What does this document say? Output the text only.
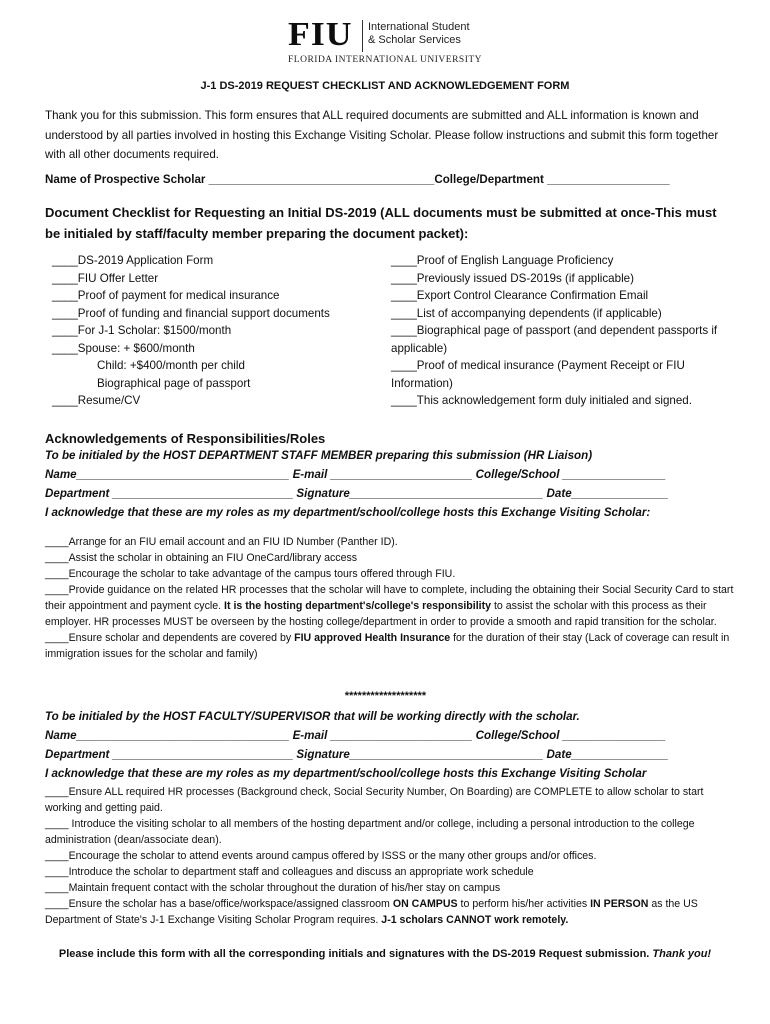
FIU International Student
& Scholar Services
FLORIDA INTERNATIONAL UNIVERSITY
J-1 DS-2019 REQUEST CHECKLIST AND ACKNOWLEDGEMENT FORM
Thank you for this submission. This form ensures that ALL required documents are submitted and ALL information is known and understood by all parties involved in hosting this Exchange Visiting Scholar. Please follow instructions and submit this form together with all other documents required.
Name of Prospective Scholar ___________________________________College/Department ___________________
Document Checklist for Requesting an Initial DS-2019 (ALL documents must be submitted at once-This must be initialed by staff/faculty member preparing the document packet):
____DS-2019 Application Form
____FIU Offer Letter
____Proof of payment for medical insurance
____Proof of funding and financial support documents
____For J-1 Scholar: $1500/month
____Spouse: + $600/month
Child: +$400/month per child
Biographical page of passport
____Resume/CV
____Proof of English Language Proficiency
____Previously issued DS-2019s (if applicable)
____Export Control Clearance Confirmation Email
____List of accompanying dependents (if applicable)
____Biographical page of passport (and dependent passports if applicable)
____Proof of medical insurance (Payment Receipt or FIU Information)
____This acknowledgement form duly initialed and signed.
Acknowledgements of Responsibilities/Roles
To be initialed by the HOST DEPARTMENT STAFF MEMBER preparing this submission (HR Liaison)
Name_________________________________ E-mail ______________________ College/School ________________
Department ____________________________ Signature______________________________ Date_______________
I acknowledge that these are my roles as my department/school/college hosts this Exchange Visiting Scholar:
____Arrange for an FIU email account and an FIU ID Number (Panther ID).
____Assist the scholar in obtaining an FIU OneCard/library access
____Encourage the scholar to take advantage of the campus tours offered through FIU.
____Provide guidance on the related HR processes that the scholar will have to complete, including the obtaining their Social Security Card to start their appointment and payment cycle. It is the hosting department's/college's responsibility to assist the scholar with this process as their employer. HR processes MUST be overseen by the hosting college/department in order to provide a smooth and rapid transition for the scholar.
____Ensure scholar and dependents are covered by FIU approved Health Insurance for the duration of their stay (Lack of coverage can result in immigration issues for the scholar and family)
*******************
To be initialed by the HOST FACULTY/SUPERVISOR that will be working directly with the scholar.
Name_________________________________ E-mail ______________________ College/School ________________
Department ____________________________ Signature______________________________ Date_______________
I acknowledge that these are my roles as my department/school/college hosts this Exchange Visiting Scholar
____Ensure ALL required HR processes (Background check, Social Security Number, On Boarding) are COMPLETE to allow scholar to start working and getting paid.
____ Introduce the visiting scholar to all members of the hosting department and/or college, including a personal introduction to the college administration (dean/associate dean).
____Encourage the scholar to attend events around campus offered by ISSS or the many other groups and/or offices.
____Introduce the scholar to department staff and colleagues and discuss an appropriate work schedule
____Maintain frequent contact with the scholar throughout the duration of his/her stay on campus
____Ensure the scholar has a base/office/workspace/assigned classroom ON CAMPUS to perform his/her activities IN PERSON as the US Department of State's J-1 Exchange Visiting Scholar Program requires. J-1 scholars CANNOT work remotely.
Please include this form with all the corresponding initials and signatures with the DS-2019 Request submission. Thank you!
